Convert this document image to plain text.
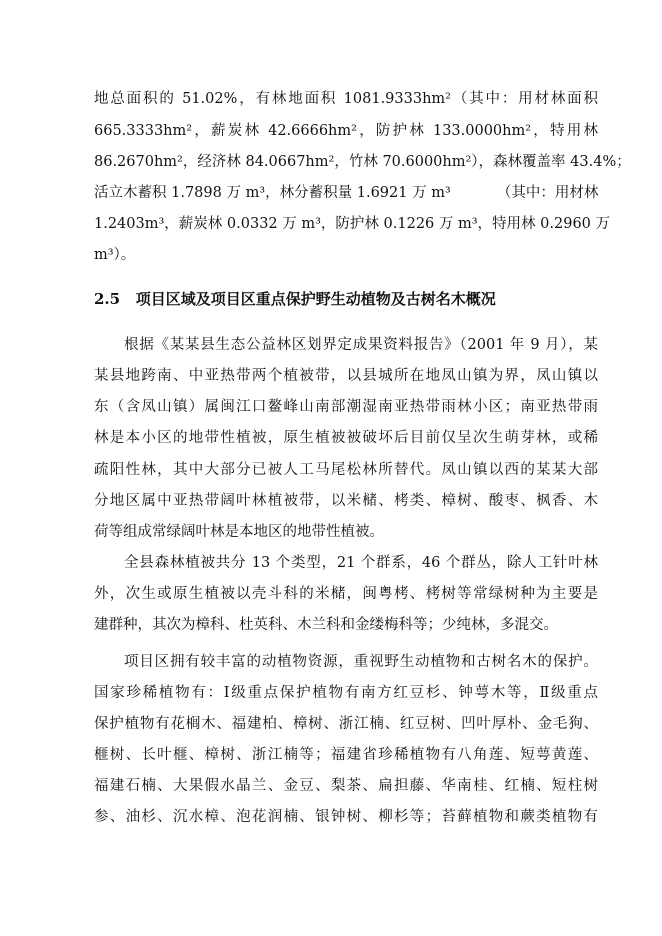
地总面积的 51.02%，有林地面积 1081.9333hm²（其中：用材林面积
665.3333hm²，薪炭林 42.6666hm²，防护林 133.0000hm²，特用林
86.2670hm²，经济林 84.0667hm²，竹林 70.6000hm²），森林覆盖率 43.4%；
活立木蓄积 1.7898 万 m³，林分蓄积量 1.6921 万 m³          （其中：用材林
1.2403m³，薪炭林 0.0332 万 m³，防护林 0.1226 万 m³，特用林 0.2960 万
m³）。
2.5   项目区域及项目区重点保护野生动植物及古树名木概况
根据《某某县生态公益林区划界定成果资料报告》（2001 年 9 月），某
某县地跨南、中亚热带两个植被带，以县城所在地凤山镇为界，凤山镇以
东（含凤山镇）属闽江口鳌峰山南部潮湿南亚热带雨林小区；南亚热带雨
林是本小区的地带性植被，原生植被被破坏后目前仅呈次生萌芽林，或稀
疏阳性林，其中大部分已被人工马尾松林所替代。凤山镇以西的某某大部
分地区属中亚热带阔叶林植被带，以米槠、栲类、樟树、酸枣、枫香、木
荷等组成常绿阔叶林是本地区的地带性植被。
全县森林植被共分 13 个类型，21 个群系，46 个群丛，除人工针叶林
外，次生或原生植被以壳斗科的米槠，闽粤栲、栲树等常绿树种为主要是
建群种，其次为樟科、杜英科、木兰科和金缕梅科等；少纯林，多混交。
项目区拥有较丰富的动植物资源，重视野生动植物和古树名木的保护。
国家珍稀植物有：Ⅰ级重点保护植物有南方红豆杉、钟萼木等，Ⅱ级重点
保护植物有花榈木、福建柏、樟树、浙江楠、红豆树、凹叶厚朴、金毛狗、
榧树、长叶榧、樟树、浙江楠等；福建省珍稀植物有八角莲、短萼黄莲、
福建石楠、大果假水晶兰、金豆、梨茶、扁担藤、华南桂、红楠、短柱树
参、油杉、沉水樟、泡花润楠、银钟树、柳杉等；苔藓植物和蕨类植物有
